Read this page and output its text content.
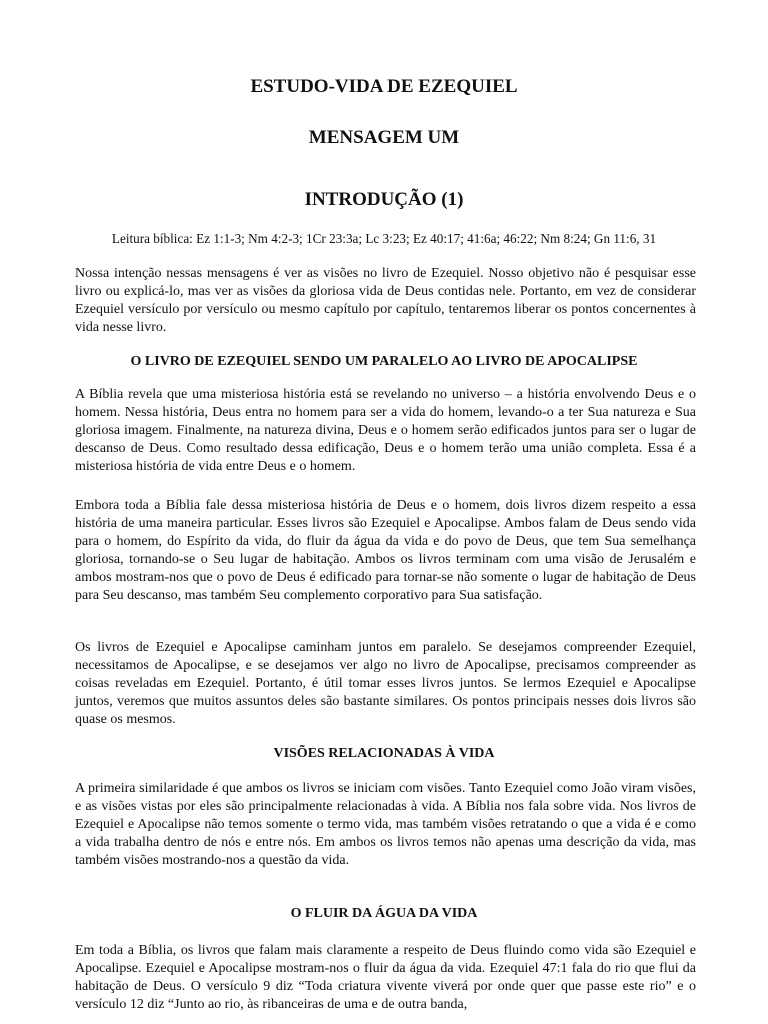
ESTUDO-VIDA DE EZEQUIEL
MENSAGEM UM
INTRODUÇÃO (1)

Leitura bíblica: Ez 1:1-3; Nm 4:2-3; 1Cr 23:3a; Lc 3:23; Ez 40:17; 41:6a; 46:22; Nm 8:24; Gn 11:6, 31

Nossa intenção nessas mensagens é ver as visões no livro de Ezequiel. Nosso objetivo não é pesquisar esse livro ou explicá-lo, mas ver as visões da gloriosa vida de Deus contidas nele. Portanto, em vez de considerar Ezequiel versículo por versículo ou mesmo capítulo por capítulo, tentaremos liberar os pontos concernentes à vida nesse livro.

O LIVRO DE EZEQUIEL SENDO UM PARALELO AO LIVRO DE APOCALIPSE

A Bíblia revela que uma misteriosa história está se revelando no universo – a história envolvendo Deus e o homem. Nessa história, Deus entra no homem para ser a vida do homem, levando-o a ter Sua natureza e Sua gloriosa imagem. Finalmente, na natureza divina, Deus e o homem serão edificados juntos para ser o lugar de descanso de Deus. Como resultado dessa edificação, Deus e o homem terão uma união completa. Essa é a misteriosa história de vida entre Deus e o homem.

Embora toda a Bíblia fale dessa misteriosa história de Deus e o homem, dois livros dizem respeito a essa história de uma maneira particular. Esses livros são Ezequiel e Apocalipse. Ambos falam de Deus sendo vida para o homem, do Espírito da vida, do fluir da água da vida e do povo de Deus, que tem Sua semelhança gloriosa, tornando-se o Seu lugar de habitação. Ambos os livros terminam com uma visão de Jerusalém e ambos mostram-nos que o povo de Deus é edificado para tornar-se não somente o lugar de habitação de Deus para Seu descanso, mas também Seu complemento corporativo para Sua satisfação.

Os livros de Ezequiel e Apocalipse caminham juntos em paralelo. Se desejamos compreender Ezequiel, necessitamos de Apocalipse, e se desejamos ver algo no livro de Apocalipse, precisamos compreender as coisas reveladas em Ezequiel. Portanto, é útil tomar esses livros juntos. Se lermos Ezequiel e Apocalipse juntos, veremos que muitos assuntos deles são bastante similares. Os pontos principais nesses dois livros são quase os mesmos.

VISÕES RELACIONADAS À VIDA

A primeira similaridade é que ambos os livros se iniciam com visões. Tanto Ezequiel como João viram visões, e as visões vistas por eles são principalmente relacionadas à vida. A Bíblia nos fala sobre vida. Nos livros de Ezequiel e Apocalipse não temos somente o termo vida, mas também visões retratando o que a vida é e como a vida trabalha dentro de nós e entre nós. Em ambos os livros temos não apenas uma descrição da vida, mas também visões mostrando-nos a questão da vida.

O FLUIR DA ÁGUA DA VIDA

Em toda a Bíblia, os livros que falam mais claramente a respeito de Deus fluindo como vida são Ezequiel e Apocalipse. Ezequiel e Apocalipse mostram-nos o fluir da água da vida. Ezequiel 47:1 fala do rio que flui da habitação de Deus. O versículo 9 diz “Toda criatura vivente viverá por onde quer que passe este rio” e o versículo 12 diz “Junto ao rio, às ribanceiras de uma e de outra banda,
